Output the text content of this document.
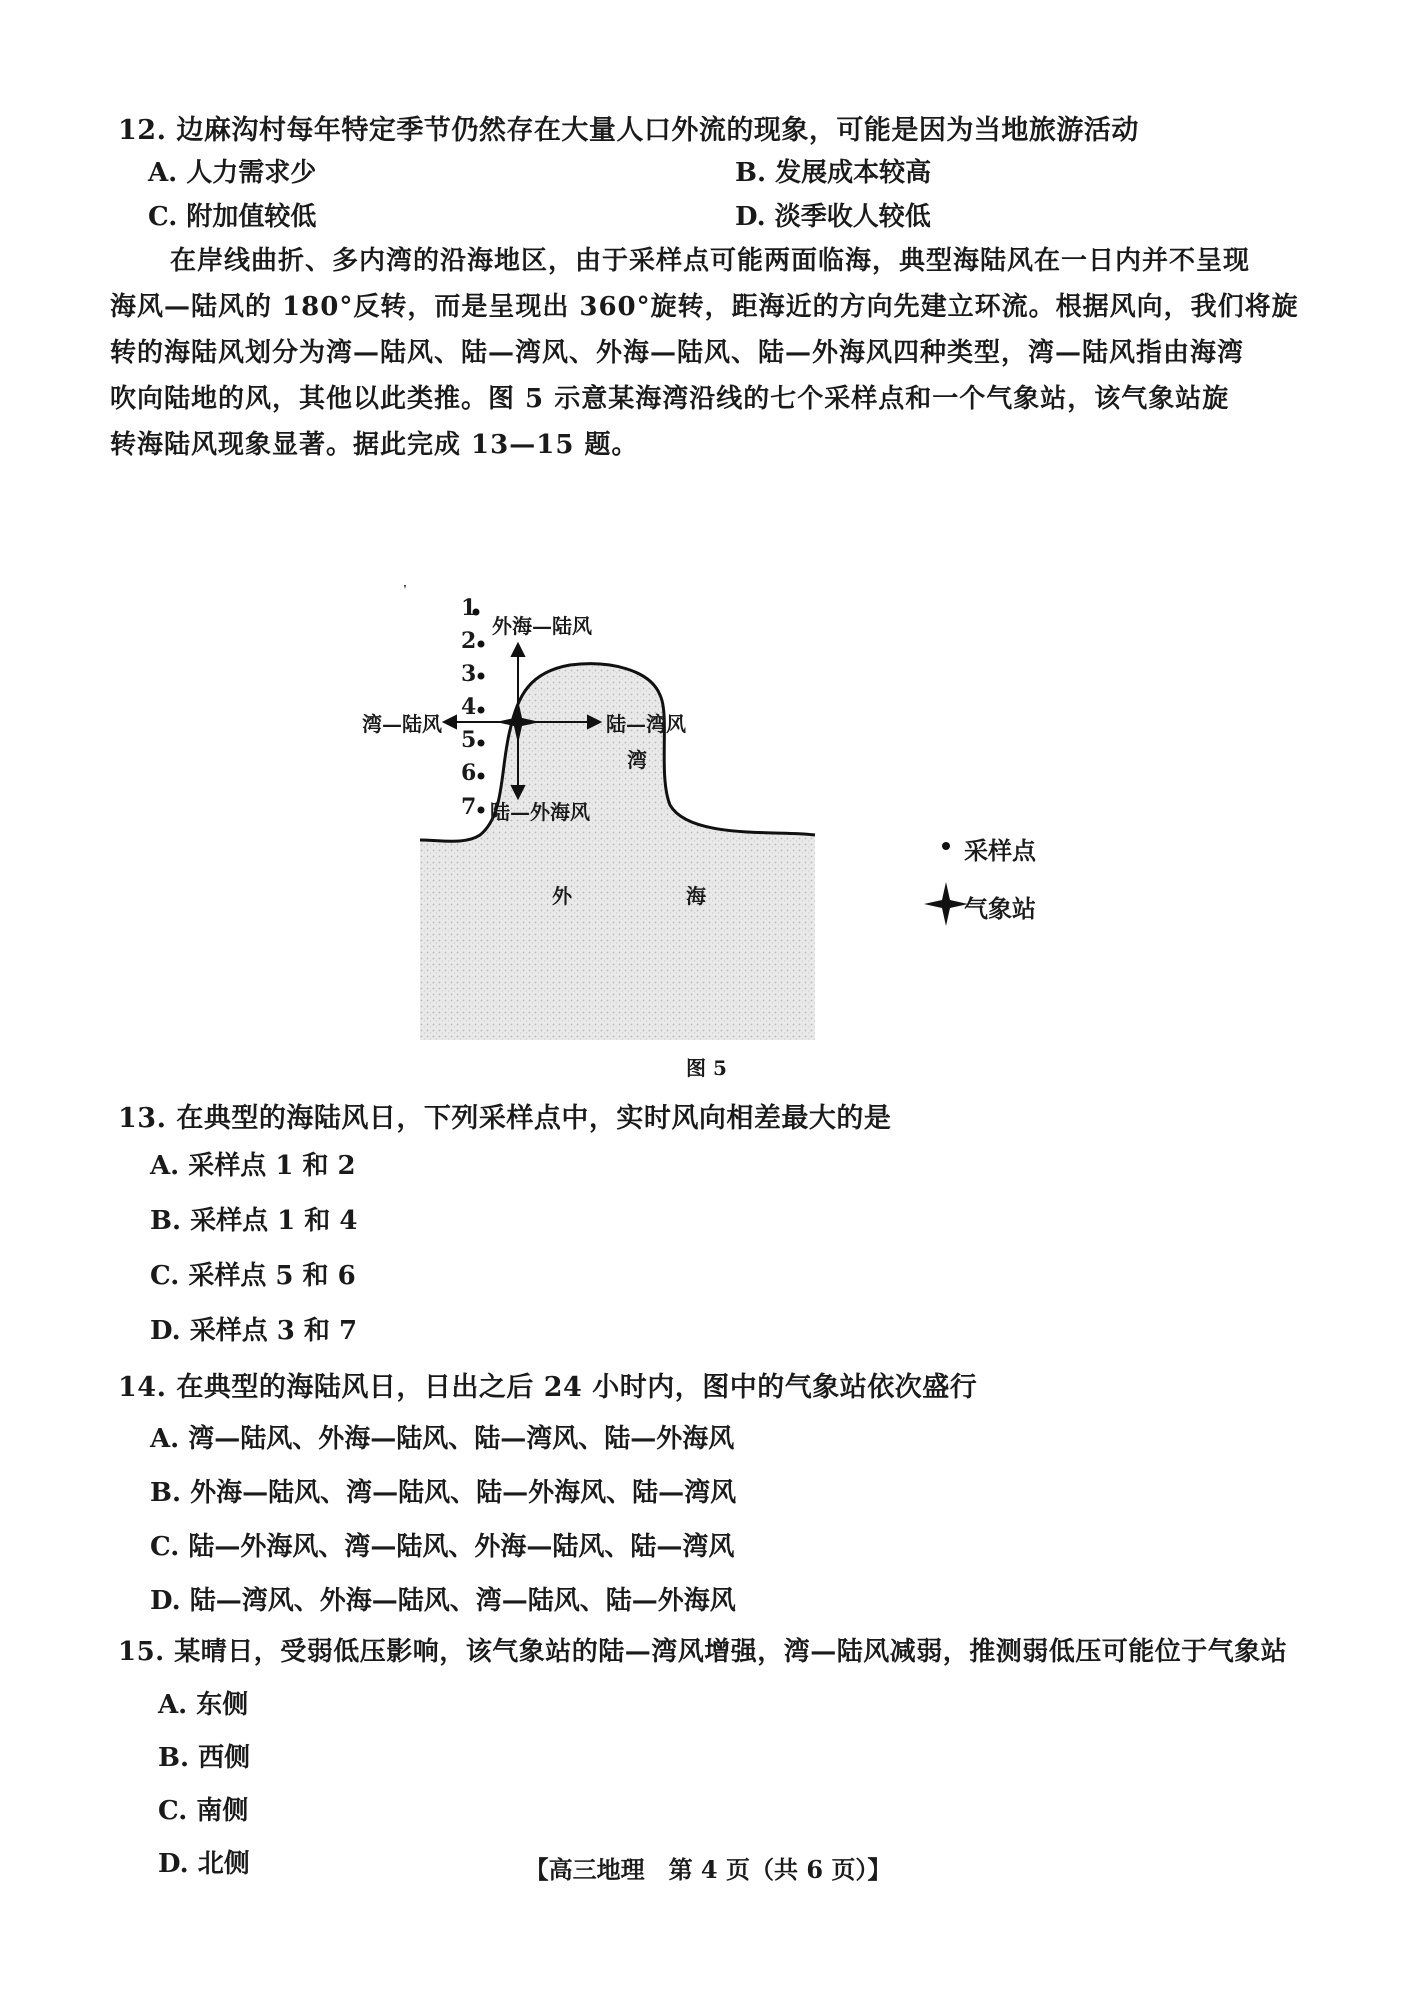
12. 边麻沟村每年特定季节仍然存在大量人口外流的现象，可能是因为当地旅游活动
A. 人力需求少	B. 发展成本较高
C. 附加值较低	D. 淡季收人较低
在岸线曲折、多内湾的沿海地区，由于采样点可能两面临海，典型海陆风在一日内并不呈现
海风—陆风的 180°反转，而是呈现出 360°旋转，距海近的方向先建立环流。根据风向，我们将旋
转的海陆风划分为湾—陆风、陆—湾风、外海—陆风、陆—外海风四种类型，湾—陆风指由海湾
吹向陆地的风，其他以此类推。图 5 示意某海湾沿线的七个采样点和一个气象站，该气象站旋
转海陆风现象显著。据此完成 13—15 题。
1
2
3
4
5
6
7
外海—陆风
陆—外海风
湾—陆风	陆—湾风
湾
外	海
采样点
气象站
图 5
13. 在典型的海陆风日，下列采样点中，实时风向相差最大的是
A. 采样点 1 和 2
B. 采样点 1 和 4
C. 采样点 5 和 6
D. 采样点 3 和 7
14. 在典型的海陆风日，日出之后 24 小时内，图中的气象站依次盛行
A. 湾—陆风、外海—陆风、陆—湾风、陆—外海风
B. 外海—陆风、湾—陆风、陆—外海风、陆—湾风
C. 陆—外海风、湾—陆风、外海—陆风、陆—湾风
D. 陆—湾风、外海—陆风、湾—陆风、陆—外海风
15. 某晴日，受弱低压影响，该气象站的陆—湾风增强，湾—陆风减弱，推测弱低压可能位于气象站
A. 东侧
B. 西侧
C. 南侧
D. 北侧	【高三地理　第 4 页（共 6 页）】
